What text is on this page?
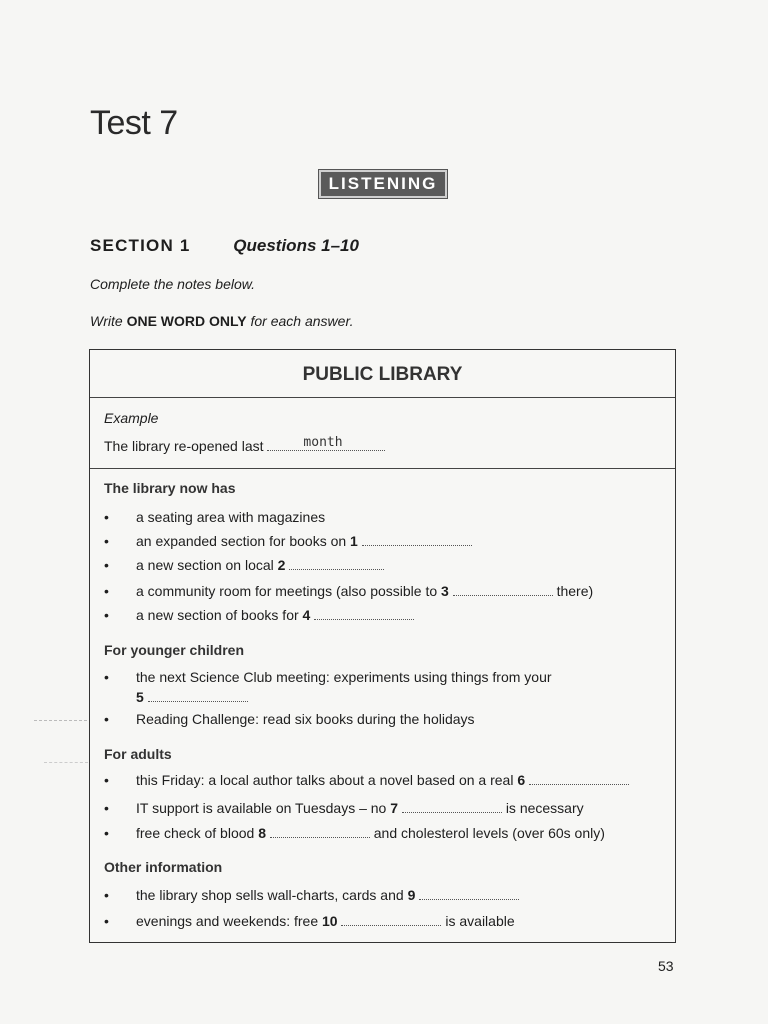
Test 7
LISTENING
SECTION 1	Questions 1–10
Complete the notes below.
Write ONE WORD ONLY for each answer.
PUBLIC LIBRARY
Example
The library re-opened last	month
The library now has
• a seating area with magazines
• an expanded section for books on 1
• a new section on local 2
• a community room for meetings (also possible to 3	there)
• a new section of books for 4
For younger children
• the next Science Club meeting: experiments using things from your
5
• Reading Challenge: read six books during the holidays
For adults
• this Friday: a local author talks about a novel based on a real 6
• IT support is available on Tuesdays – no 7	is necessary
• free check of blood 8	and cholesterol levels (over 60s only)
Other information
• the library shop sells wall-charts, cards and 9
• evenings and weekends: free 10	is available
53
